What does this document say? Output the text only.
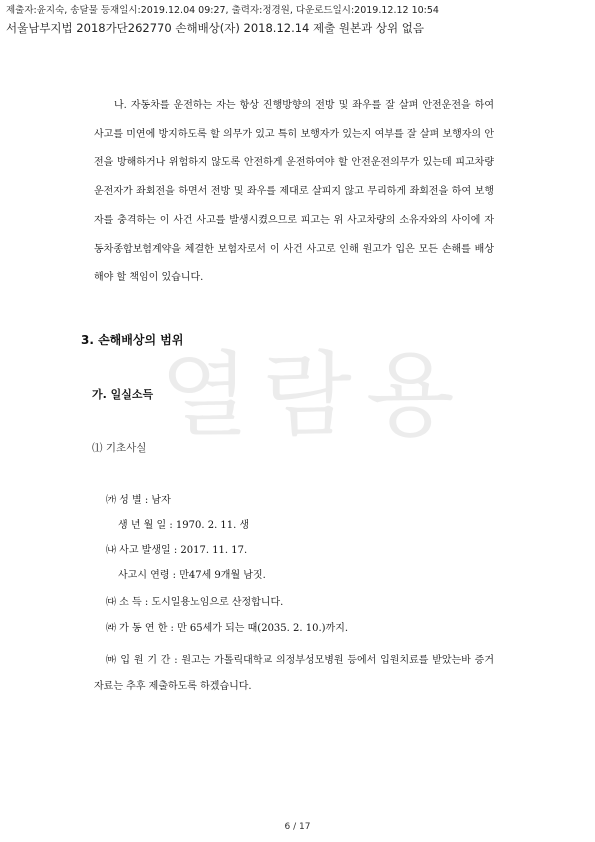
제출자:윤지숙, 송달물 등재일시:2019.12.04 09:27, 출력자:정경원, 다운로드일시:2019.12.12 10:54
서울남부지법 2018가단262770 손해배상(자) 2018.12.14 제출 원본과 상위 없음
열람용
나. 자동차를 운전하는 자는 항상 진행방향의 전방 및 좌우를 잘 살펴 안전운전을 하여 사고를 미연에 방지하도록 할 의무가 있고 특히 보행자가 있는지 여부를 잘 살펴 보행자의 안전을 방해하거나 위험하지 않도록 안전하게 운전하여야 할 안전운전의무가 있는데 피고차량 운전자가 좌회전을 하면서 전방 및 좌우를 제대로 살피지 않고 무리하게 좌회전을 하여 보행자를 충격하는 이 사건 사고를 발생시켰으므로 피고는 위 사고차량의 소유자와의 사이에 자동차종합보험계약을 체결한 보험자로서 이 사건 사고로 인해 원고가 입은 모든 손해를 배상해야 할 책임이 있습니다.
3. 손해배상의 범위
가. 일실소득
⑴ 기초사실
㈎ 성 별 : 남자
생 년 월 일 : 1970. 2. 11. 생
㈏ 사고 발생일 : 2017. 11. 17.
사고시 연령 : 만47세 9개월 남짓.
㈐ 소 득 : 도시일용노임으로 산정합니다.
㈑ 가 동 연 한 : 만 65세가 되는 때(2035. 2. 10.)까지.
㈒ 입 원 기 간 : 원고는 가톨릭대학교 의정부성모병원 등에서 입원치료를 받았는바 증거자료는 추후 제출하도록 하겠습니다.
6 / 17
